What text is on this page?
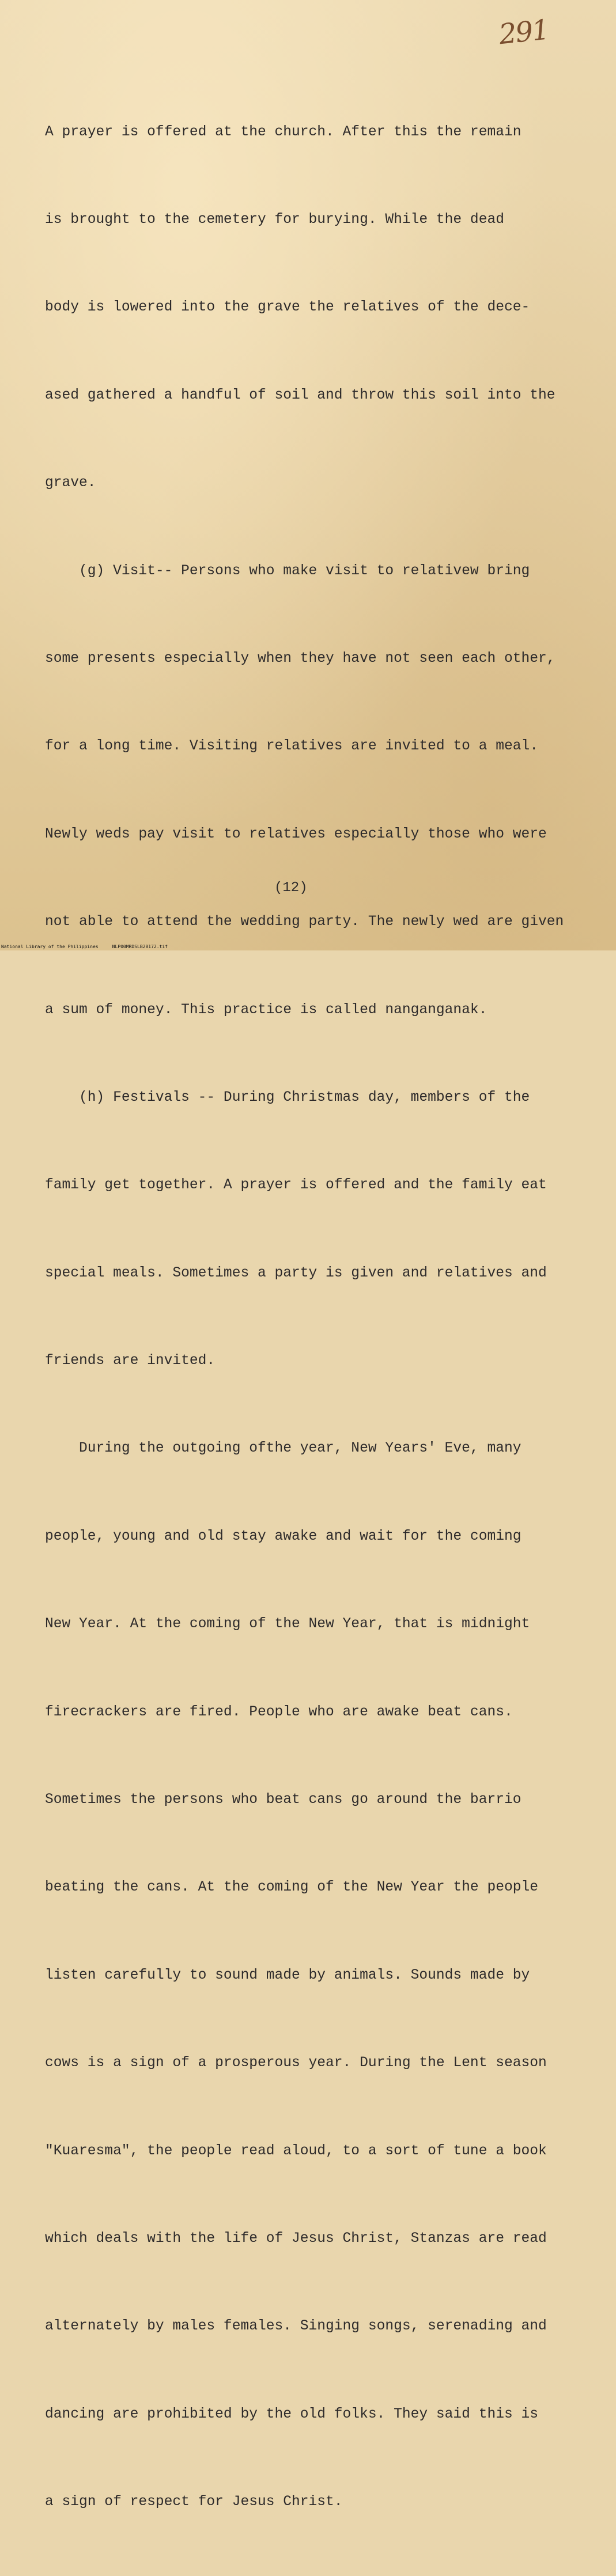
291

A prayer is offered at the church. After this the remain

is brought to the cemetery for burying. While the dead

body is lowered into the grave the relatives of the dece-

ased gathered a handful of soil and throw this soil into the

grave.

(g) Visit-- Persons who make visit to relativew bring

some presents especially when they have not seen each other,

for a long time. Visiting relatives are invited to a meal.

Newly weds pay visit to relatives especially those who were

not able to attend the wedding party. The newly wed are given

a sum of money. This practice is called nanganganak.

(h) Festivals -- During Christmas day, members of the

family get together. A prayer is offered and the family eat

special meals. Sometimes a party is given and relatives and

friends are invited.

During the outgoing ofthe year, New Years' Eve, many

people, young and old stay awake and wait for the coming

New Year. At the coming of the New Year, that is midnight

firecrackers are fired. People who are awake beat cans.

Sometimes the persons who beat cans go around the barrio

beating the cans. At the coming of the New Year the people

listen carefully to sound made by animals. Sounds made by

cows is a sign of a prosperous year. During the Lent season

"Kuaresma", the people read aloud, to a sort of tune a book

which deals with the life of Jesus Christ, Stanzas are read

alternately by males females. Singing songs, serenading and

dancing are prohibited by the old folks. They said this is

a sign of respect for Jesus Christ.

(12)
National Library of the Philippines     NLP00MRDSLB28172.tif
